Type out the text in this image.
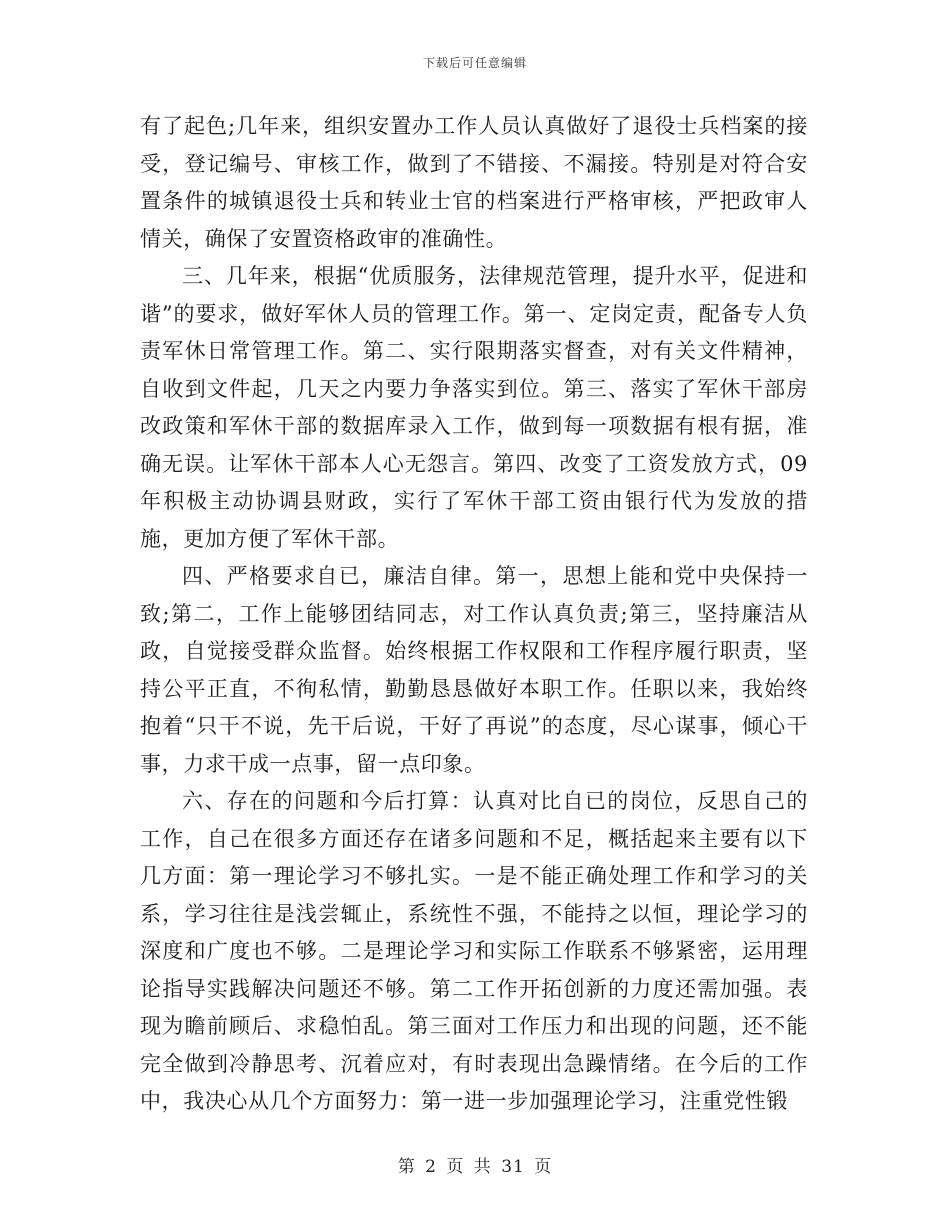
下载后可任意编辑

有了起色;几年来，组织安置办工作人员认真做好了退役士兵档案的接受，登记编号、审核工作，做到了不错接、不漏接。特别是对符合安置条件的城镇退役士兵和转业士官的档案进行严格审核，严把政审人情关，确保了安置资格政审的准确性。

三、几年来，根据“优质服务，法律规范管理，提升水平，促进和谐”的要求，做好军休人员的管理工作。第一、定岗定责，配备专人负责军休日常管理工作。第二、实行限期落实督查，对有关文件精神，自收到文件起，几天之内要力争落实到位。第三、落实了军休干部房改政策和军休干部的数据库录入工作，做到每一项数据有根有据，准确无误。让军休干部本人心无怨言。第四、改变了工资发放方式，09年积极主动协调县财政，实行了军休干部工资由银行代为发放的措施，更加方便了军休干部。

四、严格要求自已，廉洁自律。第一，思想上能和党中央保持一致;第二，工作上能够团结同志，对工作认真负责;第三，坚持廉洁从政，自觉接受群众监督。始终根据工作权限和工作程序履行职责，坚持公平正直，不徇私情，勤勤恳恳做好本职工作。任职以来，我始终抱着“只干不说，先干后说，干好了再说”的态度，尽心谋事，倾心干事，力求干成一点事，留一点印象。

六、存在的问题和今后打算：认真对比自已的岗位，反思自己的工作，自己在很多方面还存在诸多问题和不足，概括起来主要有以下几方面：第一理论学习不够扎实。一是不能正确处理工作和学习的关系，学习往往是浅尝辄止，系统性不强，不能持之以恒，理论学习的深度和广度也不够。二是理论学习和实际工作联系不够紧密，运用理论指导实践解决问题还不够。第二工作开拓创新的力度还需加强。表现为瞻前顾后、求稳怕乱。第三面对工作压力和出现的问题，还不能完全做到冷静思考、沉着应对，有时表现出急躁情绪。在今后的工作中，我决心从几个方面努力：第一进一步加强理论学习，注重党性锻

第 2 页 共 31 页
